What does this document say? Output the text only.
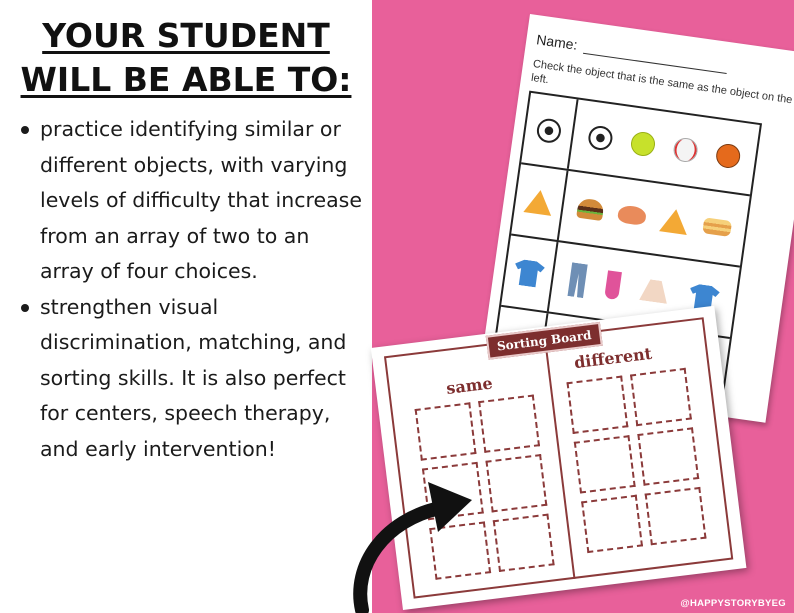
YOUR STUDENT
WILL BE ABLE TO:
practice identifying similar or different objects, with varying levels of difficulty that increase from an array of two to an array of four choices.
strengthen visual discrimination, matching, and sorting skills. It is also perfect for centers, speech therapy, and early intervention!
Name:
Check the object that is the same as the object on the left.
Sorting Board
same
different
@HAPPYSTORYBYEG
